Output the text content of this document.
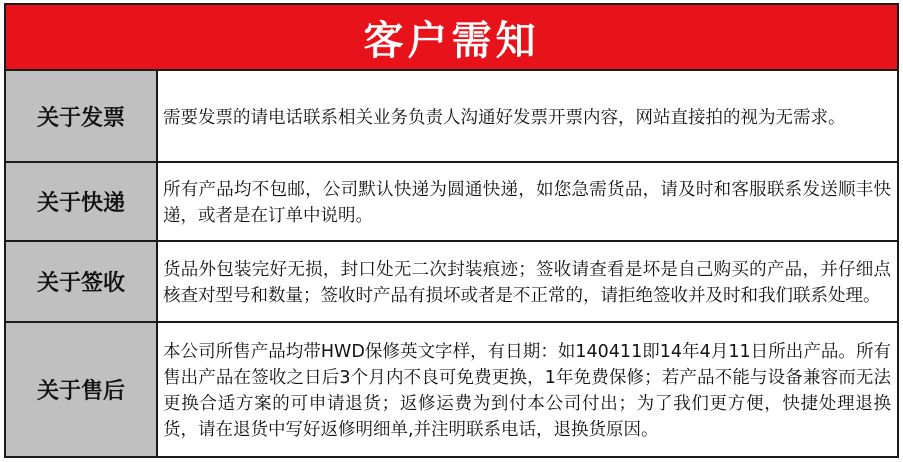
客户需知
关于发票	需要发票的请电话联系相关业务负责人沟通好发票开票内容，网站直接拍的视为无需求。

关于快递

所有产品均不包邮，公司默认快递为圆通快递，如您急需货品，请及时和客服联系发送顺丰快递，或者是在订单中说明。

关于签收

货品外包装完好无损，封口处无二次封装痕迹；签收请查看是坏是自己购买的产品，并仔细点核查对型号和数量；签收时产品有损坏或者是不正常的，请拒绝签收并及时和我们联系处理。

关于售后

本公司所售产品均带HWD保修英文字样，有日期：如140411即14年4月11日所出产品。所有售出产品在签收之日后3个月内不良可免费更换，1年免费保修；若产品不能与设备兼容而无法更换合适方案的可申请退货；返修运费为到付本公司付出；为了我们更方便，快捷处理退换货，请在退货中写好返修明细单,并注明联系电话，退换货原因。
